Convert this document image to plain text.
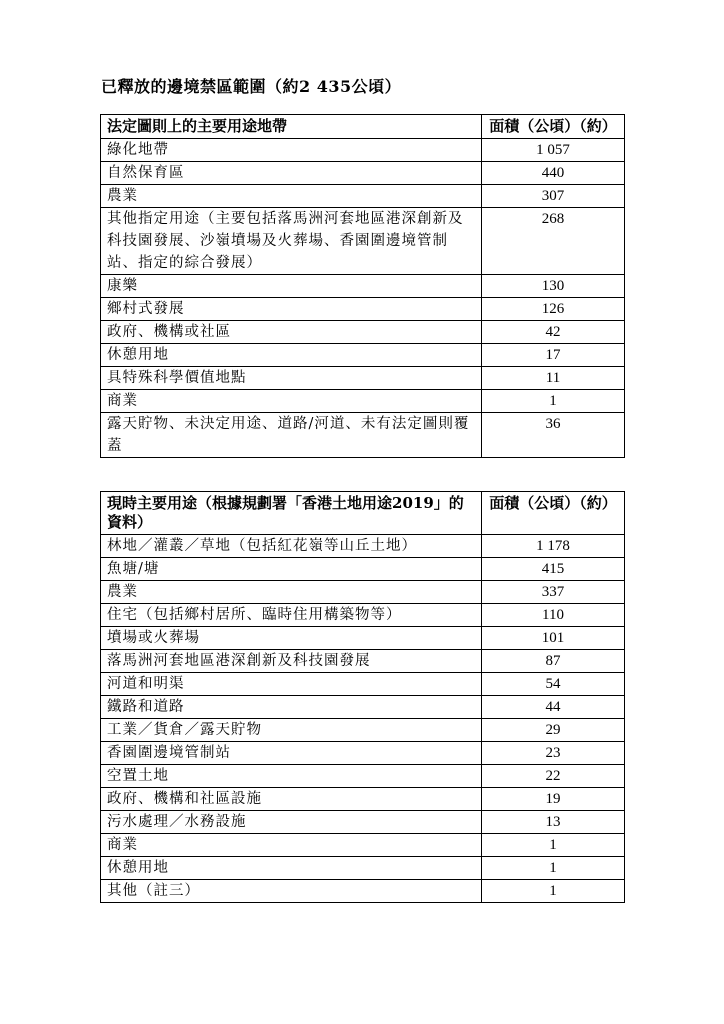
已釋放的邊境禁區範圍（約2 435公頃）
法定圖則上的主要用途地帶	面積（公頃）（約）
綠化地帶	1 057
自然保育區	440
農業	307
其他指定用途（主要包括落馬洲河套地區港深創新及科技園發展、沙嶺墳場及火葬場、香園圍邊境管制站、指定的綜合發展）	268
康樂	130
鄉村式發展	126
政府、機構或社區	42
休憩用地	17
具特殊科學價值地點	11
商業	1
露天貯物、未決定用途、道路/河道、未有法定圖則覆蓋	36
現時主要用途（根據規劃署「香港土地用途2019」的資料）	面積（公頃）（約）
林地／灌叢／草地（包括紅花嶺等山丘土地）	1 178
魚塘/塘	415
農業	337
住宅（包括鄉村居所、臨時住用構築物等）	110
墳場或火葬場	101
落馬洲河套地區港深創新及科技園發展	87
河道和明渠	54
鐵路和道路	44
工業／貨倉／露天貯物	29
香園圍邊境管制站	23
空置土地	22
政府、機構和社區設施	19
污水處理／水務設施	13
商業	1
休憩用地	1
其他（註三）	1
